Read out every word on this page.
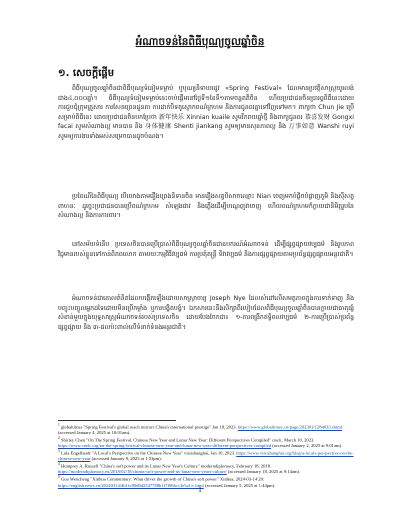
អំណាចទន់នៃពិធីបុណ្យចូលឆ្នាំចិន
១. សេចក្ដីផ្ដើម

ពិធីបុណ្យចូលឆ្នាំចិនជាពិធីបុណ្យទំនៀមទម្លាប់ ឬបុណ្យនិទាឃរដូវ «Spring Festival» ដែលមានប្រវត្តិសាស្ត្រយូរលង់ជាង៤,០០០ឆ្នាំ។ ពិធីបុណ្យទំនៀមទម្លាប់នេះចាប់ផ្ដើមនៅថ្ងៃទី១ខែទី១តាមចន្ទគតិចិន ហើយប្រជាជនចិនប្រារព្ធពិធីនេះដោយការជួបជុំក្រុមគ្រួសារ ការសែនព្រេនដូនតា ការដាក់បិទគូស្លោកពណ៌ក្រហម និងការជូនពរគ្នាទៅវិញទៅមក។ ពាក្យថា Chun Jie ប្រើសម្រាប់ពិធីនេះ ដោយប្រជាជនចិនបកប្រែថា 新年快乐 Xinnian kuaile សូមរីករាយឆ្នាំថ្មី និងពាក្យជូនពរ 恭喜发财 Gongxi facai សូមសំណាងល្អ មានបាន និង 身体健康 Shenti jiankang សូមឲ្យមានសុខភាពល្អ និង 万事如意 Wanshi ruyi សូមឲ្យការងារទាំងអស់សម្រេចបានដូចបំណង។

ប្រពៃណីនៃពិធីបុណ្យ បើយោងតាមរឿងព្រេងនិទានចិន មានរឿងសត្វបិសាចឈ្មោះ Nian ចេញមកបំផ្លិចបំផ្លាញភូមិ និងស៊ីសត្វពាហនៈ ដូច្នេះប្រជាជនបានប្រើពណ៌ក្រហម សំឡេងផាវ និងភ្លើងដើម្បីបណ្ដេញវាចេញ ហើយពណ៌ក្រហមក៏ក្លាយជានិមិត្តរូបនៃសំណាងល្អ និងការការពារ។

នៅសម័យទំនើប ប្រទេសចិនបានប្រើប្រាស់ពិធីបុណ្យចូលឆ្នាំចិនជាឧបករណ៍អំណាចទន់ ដើម្បីផ្សព្វផ្សាយវប្បធម៌ និងរូបភាពវិជ្ជមានរបស់ខ្លួនទៅកាន់ពិភពលោក តាមរយៈកម្មវិធីវប្បធម៌ ការប្រគុំតន្ត្រី ទិវាវប្បធម៌ និងការផ្សព្វផ្សាយតាមប្រព័ន្ធផ្សព្វផ្សាយអន្តរជាតិ។

អំណាចទន់ជាគោលគំនិតដែលបង្កើតឡើងដោយសាស្ត្រាចារ្យ Joseph Nye ដែលសំដៅលើសមត្ថភាពក្នុងការទាក់ទាញ និងបញ្ចុះបញ្ចូលអ្នកដទៃដោយមិនប្រើកម្លាំង ឬការបង្ខិតបង្ខំ។ ឯកសារនេះនឹងសិក្សាពីរបៀបដែលពិធីបុណ្យចូលឆ្នាំចិនបានក្លាយជាធាតុផ្សំសំខាន់មួយក្នុងយុទ្ធសាស្ត្រអំណាចទន់របស់ប្រទេសចិន ដោយបែងចែកជា៖ ១-ការពង្រីកឥទ្ធិពលវប្បធម៌ ២-ការប្រើប្រាស់ប្រព័ន្ធផ្សព្វផ្សាយ និង ៣-ផលប៉ះពាល់លើទំនាក់ទំនងអន្តរជាតិ។

$^1$ globaltimes "Spring Festival's global reach mirrors China's international prestige" Jan 18, 2023. https://www.globaltimes.cn/page/202301/1284033.shtml (accessed January 4, 2025 at 10:01am).
$^2$ Shirley Chen "On The Spring Festival, Chinese New Year and Lunar New Year: Different Perspectives Compiled" cnelc, March 10, 2023. https://www.cnelc.org/on-the-spring-festival-chinese-new-year-and-lunar-new-year-different-perspectives-compiled (accessed January 2, 2025 at 9:01am).
$^3$ Lula Engelhardt "A Local's Perspective on the Chinese New Year" visitshanghai, Jan 10, 2023. https://www.visitshanghai.org/blog/a-locals-perspective-on-the-chinese-new-year (accessed January 9, 2025 at 1:53pm).
$^4$ Humprey A. Russell "China's soft power and its Lunar New Year's Culture" moderndiplomacy, February 18, 2018. https://moderndiplomacy.eu/2018/02/18/chinas-soft-power-and-its-lunar-new-years-culture/ (accessed January 18, 2025 at 9:14am).
$^5$ Guo Wencheng "Xinhua Commentary: What drives the growth of China's soft power" Xinhua, 2024-03-14 20: https://english.news.cn/20240314/db1fc80d8d2347788b1f7f96bcc3e5a1/c.html (accessed January 5, 2025 at 1:44pm).
1
